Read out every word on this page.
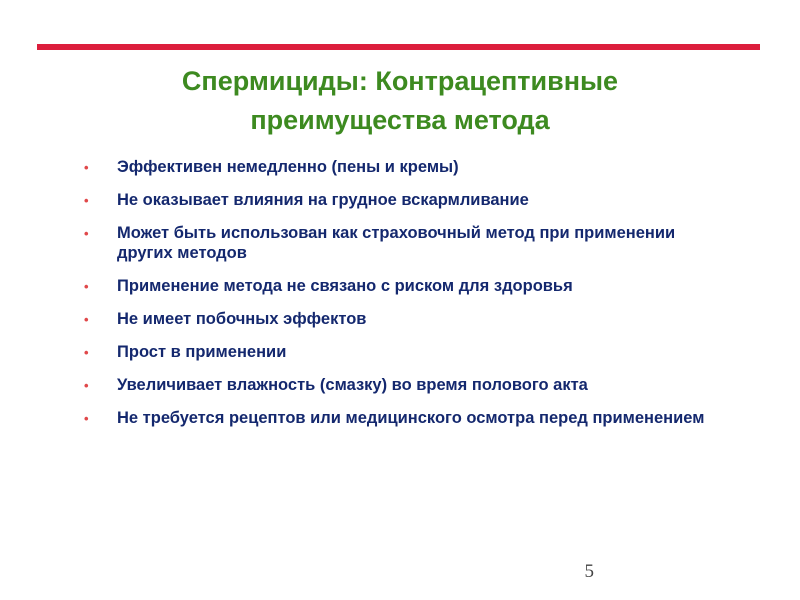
Спермициды: Контрацептивные
преимущества метода
•	Эффективен немедленно (пены и кремы)
•	Не оказывает влияния на грудное вскармливание
•	Может быть использован как страховочный метод при применении других методов
•	Применение метода не связано с риском для здоровья
•	Не имеет побочных эффектов
•	Прост в применении
•	Увеличивает влажность (смазку) во время полового акта
•	Не требуется рецептов или медицинского осмотра перед применением
5
